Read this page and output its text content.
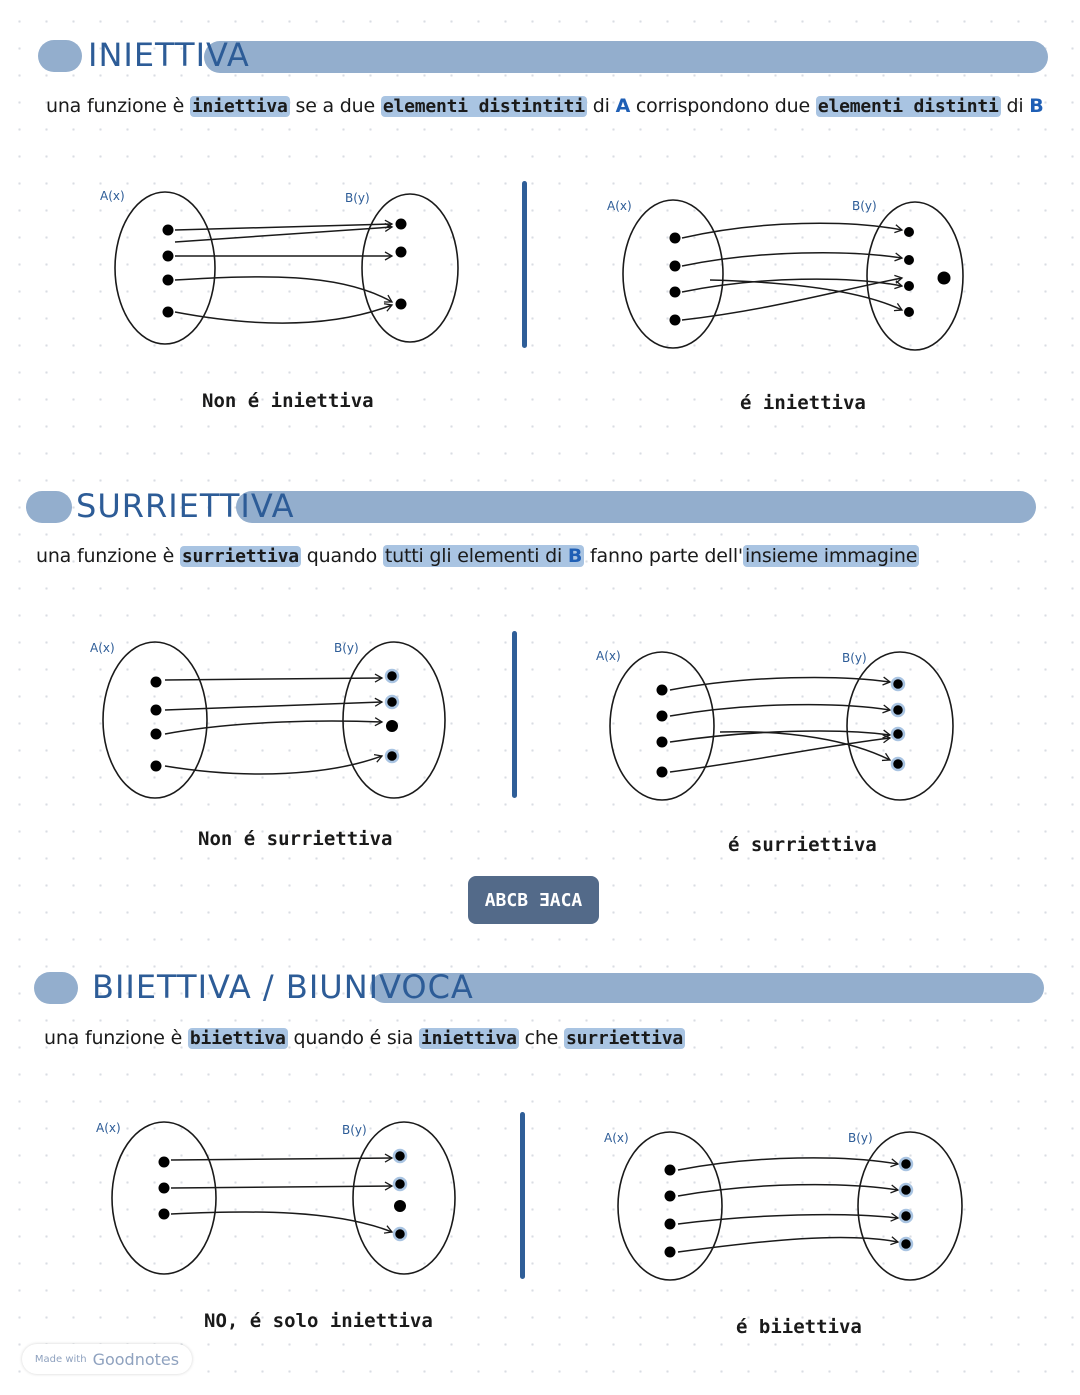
INIETTIVA
una funzione è iniettiva se a due elementi distintiti di A corrispondono due elementi distinti di B
A(x)	B(y)
Non é iniettiva
A(x)	B(y)
é iniettiva
SURRIETTIVA
una funzione è surriettiva quando tutti gli elementi di B fanno parte dell' insieme immagine
A(x)	B(y)
Non é surriettiva
A(x)	B(y)
é surriettiva
ABCB ƎACA
BIIETTIVA / BIUNIVOCA
una funzione è biiettiva quando é sia iniettiva che surriettiva
A(x)	B(y)
NO, é solo iniettiva
A(x)	B(y)
é biiettiva
Made with Goodnotes
